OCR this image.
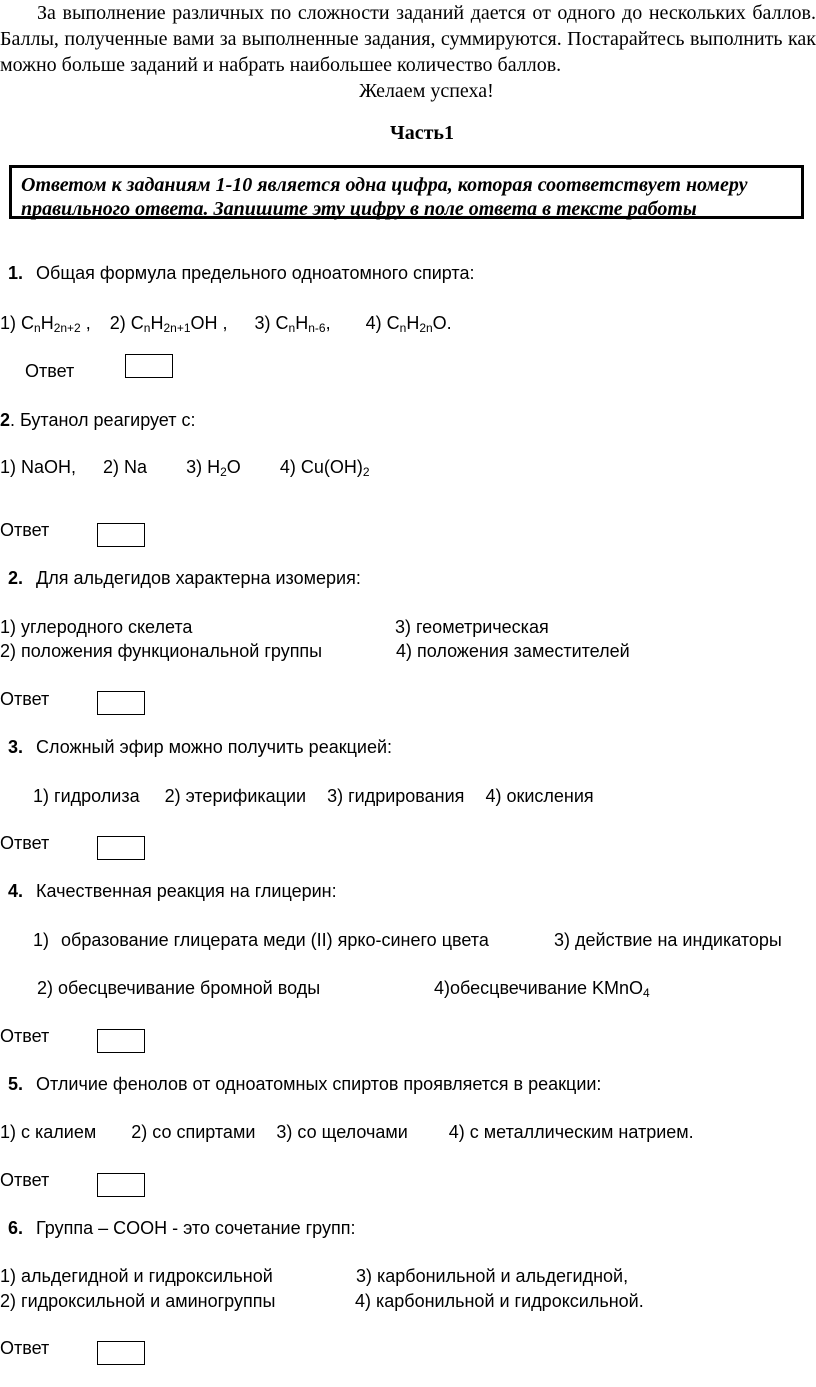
За выполнение различных по сложности заданий дается от одного до нескольких баллов. Баллы, полученные вами за выполненные задания, суммируются. Постарайтесь выполнить как можно больше заданий и набрать наибольшее количество баллов.

Желаем успеха!
Часть1
Ответом к заданиям 1-10 является одна цифра, которая соответствует номеру правильного ответа. Запишите эту цифру в поле ответа в тексте работы
1. Общая формула предельного одноатомного спирта:
1) $C_nH_{2n+2}$ , 2) $C_nH_{2n+1}OH$ , 3) $C_nH_{n-6}$, 4) $C_nH_{2n}O$.
Ответ
2. Бутанол реагирует с:
1) NaOH, 2) Na 3) $H_2O$ 4) $Cu(OH)_2$
Ответ
2. Для альдегидов характерна изомерия:
1) углеродного скелета	3) геометрическая
2) положения функциональной группы	4) положения заместителей
Ответ
3. Сложный эфир можно получить реакцией:
1) гидролиза 2) этерификации 3) гидрирования 4) окисления
Ответ
4. Качественная реакция на глицерин:
1) образование глицерата меди (II) ярко-синего цвета	3) действие на индикаторы
2) обесцвечивание бромной воды	4)обесцвечивание KMnO$_4$
Ответ
5. Отличие фенолов от одноатомных спиртов проявляется в реакции:
1) с калием 2) со спиртами 3) со щелочами 4) с металлическим натрием.
Ответ
6. Группа – COOH - это сочетание групп:
1) альдегидной и гидроксильной	3) карбонильной и альдегидной,
2) гидроксильной и аминогруппы	4) карбонильной и гидроксильной.
Ответ
